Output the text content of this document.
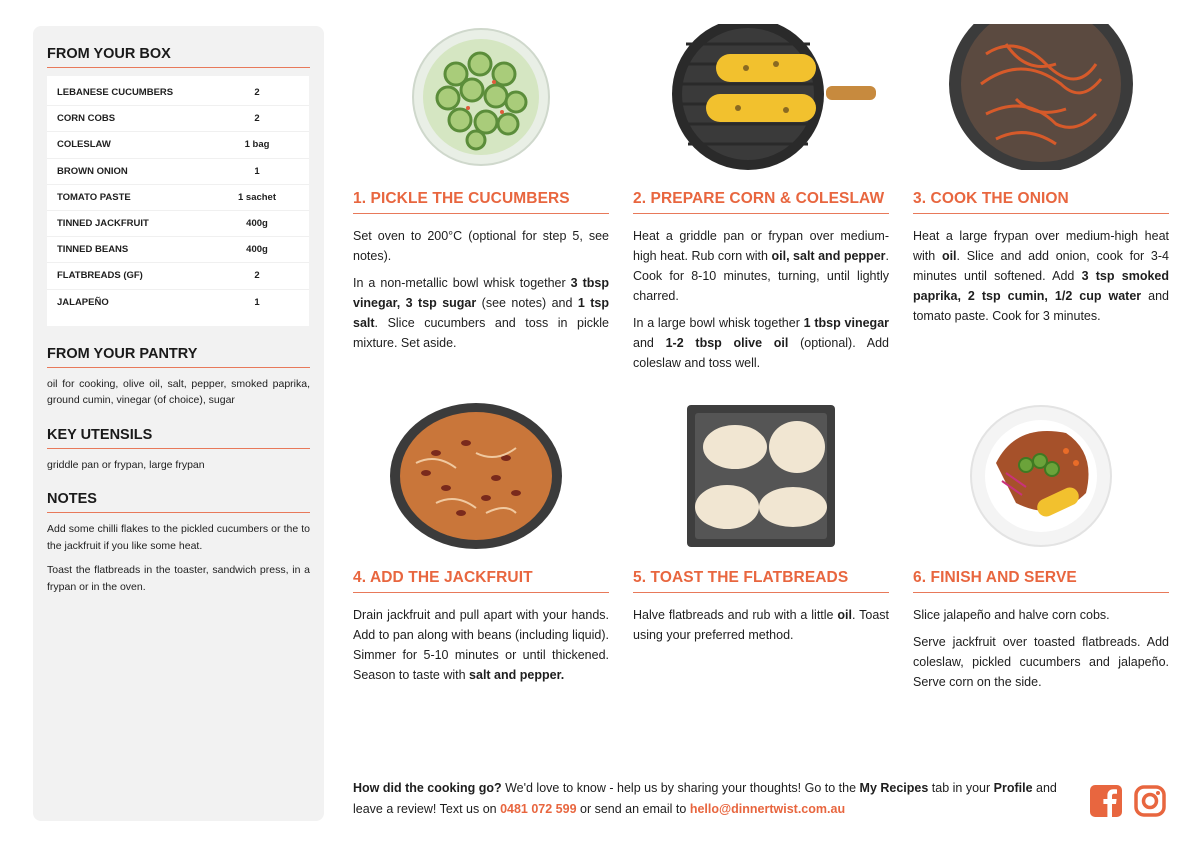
FROM YOUR BOX
LEBANESE CUCUMBERS	2
CORN COBS	2
COLESLAW	1 bag
BROWN ONION	1
TOMATO PASTE	1 sachet
TINNED JACKFRUIT	400g
TINNED BEANS	400g
FLATBREADS (GF)	2
JALAPEÑO	1
FROM YOUR PANTRY

oil for cooking, olive oil, salt, pepper, smoked paprika, ground cumin, vinegar (of choice), sugar

KEY UTENSILS

griddle pan or frypan, large frypan

NOTES

Add some chilli flakes to the pickled cucumbers or the to the jackfruit if you like some heat.

Toast the flatbreads in the toaster, sandwich press, in a frypan or in the oven.

1. PICKLE THE CUCUMBERS

Set oven to 200°C (optional for step 5, see notes).

In a non-metallic bowl whisk together 3 tbsp vinegar, 3 tsp sugar (see notes) and 1 tsp salt. Slice cucumbers and toss in pickle mixture. Set aside.

2. PREPARE CORN & COLESLAW

Heat a griddle pan or frypan over medium-high heat. Rub corn with oil, salt and pepper. Cook for 8-10 minutes, turning, until lightly charred.

In a large bowl whisk together 1 tbsp vinegar and 1-2 tbsp olive oil (optional). Add coleslaw and toss well.

3. COOK THE ONION

Heat a large frypan over medium-high heat with oil. Slice and add onion, cook for 3-4 minutes until softened. Add 3 tsp smoked paprika, 2 tsp cumin, 1/2 cup water and tomato paste. Cook for 3 minutes.

4. ADD THE JACKFRUIT

Drain jackfruit and pull apart with your hands. Add to pan along with beans (including liquid). Simmer for 5-10 minutes or until thickened. Season to taste with salt and pepper.

5. TOAST THE FLATBREADS

Halve flatbreads and rub with a little oil. Toast using your preferred method.

6. FINISH AND SERVE

Slice jalapeño and halve corn cobs.

Serve jackfruit over toasted flatbreads. Add coleslaw, pickled cucumbers and jalapeño. Serve corn on the side.

How did the cooking go? We'd love to know - help us by sharing your thoughts! Go to the My Recipes tab in your Profile and leave a review! Text us on 0481 072 599 or send an email to hello@dinnertwist.com.au
